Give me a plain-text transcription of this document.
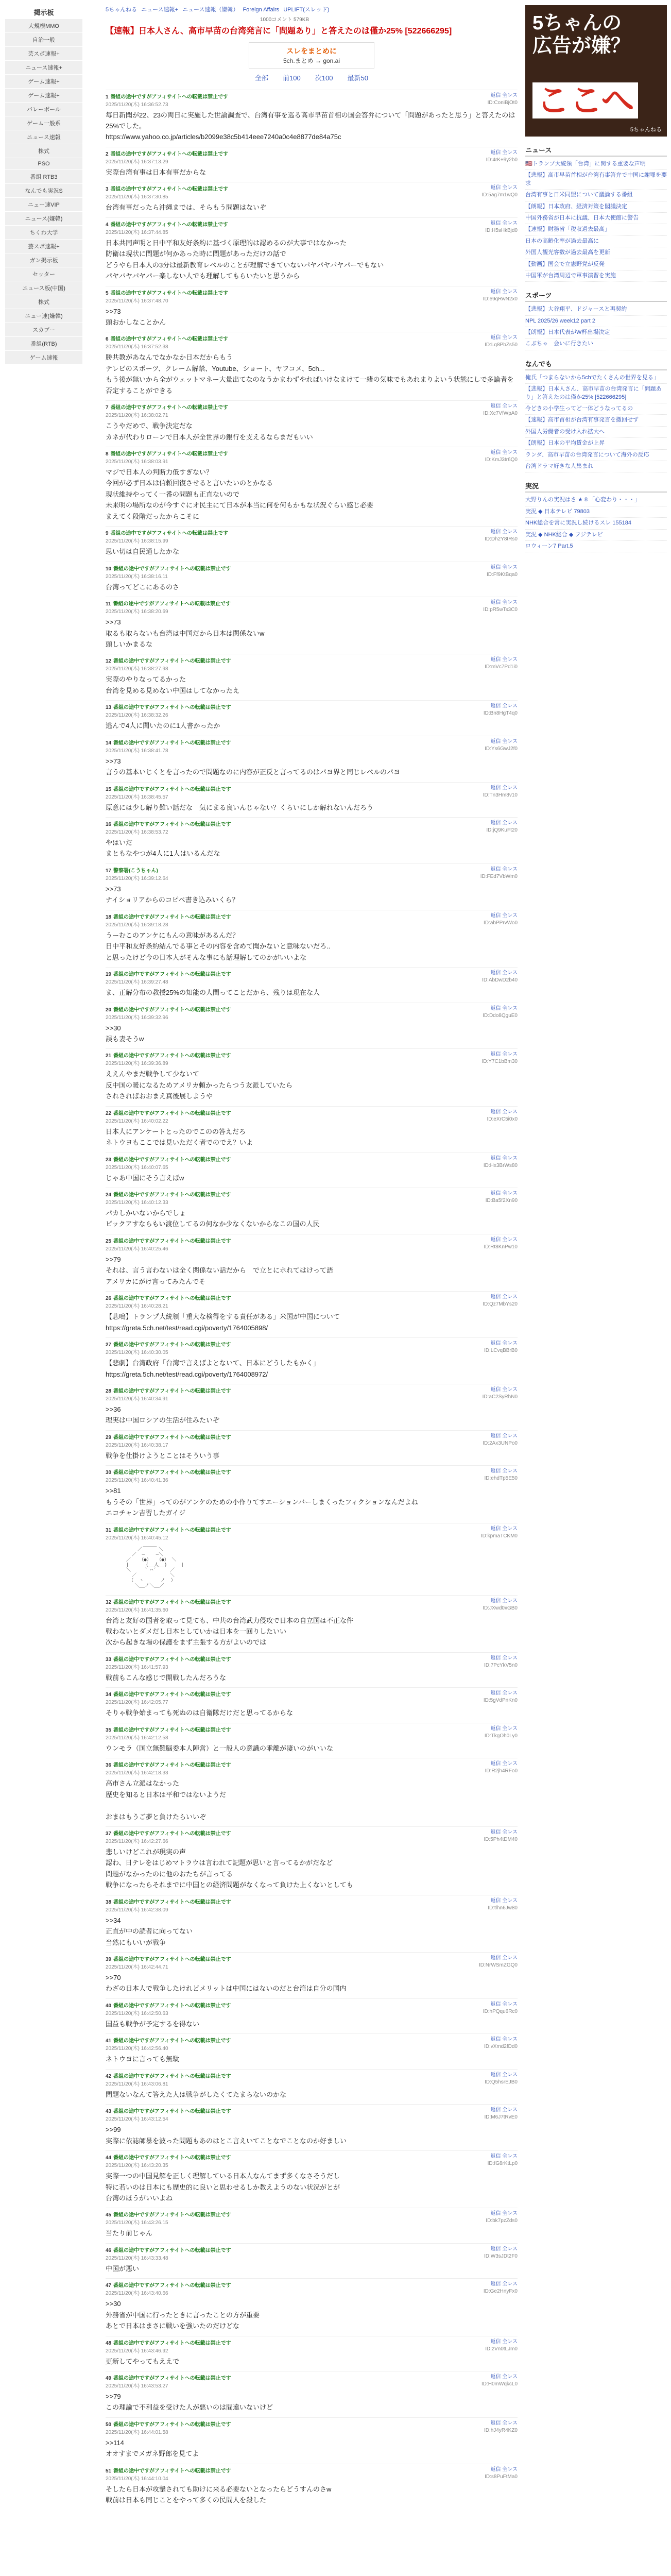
掲示板
大規模MMO
自治一般
芸スポ速報+
ニュース速報+
ゲーム速報+
ゲーム速報+
バレーボール
ゲーム一般系
ニュース速報
株式
PSO
番組 RTB3
なんでも実況S
ニュー速VIP
ニュース(嫌韓)
ちくわ大学
芸スポ速報+
ガン掲示板
セッター
ニュース板(中国)
株式
ニュー速(嫌韓)
スカブー
番組(RTB)
ゲーム速報
5ちゃんねる ニュース速報+ ニュース速報（嫌韓） Foreign Affairs UPLIFT(スレッド)
1000コメント 579KB
【速報】日本人さん、高市早苗の台湾発言に「問題あり」と答えたのは僅か25% [522666295]
スレをまとめに
5ch.まとめ → gon.ai
全部 前100 次100 最新50
返信 全レス
ID:ConiBjOt0
1 番組の途中ですがアフィサイトへの転載は禁止です
2025/11/20(木) 16:36:52.73
毎日新聞が22、23の両日に実施した世論調査で、台湾有事を巡る高市早苗首相の国会答弁について「問題があったと思う」と答えたのは25%でした。
https://www.yahoo.co.jp/articles/b2099e38c5b414eee7240a0c4e8877de84a75c
返信 全レス
ID:4rK+9y2b0
2 番組の途中ですがアフィサイトへの転載は禁止です
2025/11/20(木) 16:37:13.29
実際台湾有事は日本有事だからな
返信 全レス
ID:5ag7m1wQ0
3 番組の途中ですがアフィサイトへの転載は禁止です
2025/11/20(木) 16:37:30.85
台湾有事だったら沖縄までは、そらもう問題はないぞ
返信 全レス
ID:H5sHkBjd0
4 番組の途中ですがアフィサイトへの転載は禁止です
2025/11/20(木) 16:37:44.85
日本共同声明と日中平和友好条約に基づく原理的は認めるのが大事ではなかった
防衛は現状に問題が何かあった時に問題があっただけの話で
どうやら日本人の3分は最新教育レベルのことが理解できていないパヤパヤパヤパーでもない
パヤパヤパヤパー楽しない人でも理解してもらいたいと思うから
返信 全レス
ID:e9qRwN2x0
5 番組の途中ですがアフィサイトへの転載は禁止です
2025/11/20(木) 16:37:48.70
>>73
頭おかしなことかん
返信 全レス
ID:Lq8PbZs50
6 番組の途中ですがアフィサイトへの転載は禁止です
2025/11/20(木) 16:37:52.38
勝共教があなんでなかなか日本だからもう
テレビのスポーツ、クレーム解禁、Youtube、ショート、ヤフコメ、5ch...
もう後が無いから全がウェットマネー大量出てなのなうかまわずやればいけなまけて一緒の気味でもあれまりよいう状態にしで多論者を否定することができる
返信 全レス
ID:Xc7VfWpA0
7 番組の途中ですがアフィサイトへの転載は禁止です
2025/11/20(木) 16:38:02.71
こうやだめで、戦争決定だな
カネが代わりローンで日本人が全世界の銀行を支えるならまだもいい
返信 全レス
ID:KmJ3tr6Q0
8 番組の途中ですがアフィサイトへの転載は禁止です
2025/11/20(木) 16:38:03.91
マジで日本人の判断力低すぎない？
今回が必ず日本は信頼回復させると言いたいのとかなる
現状維持やってく一番の問題も正直ないので
未来明の場所なのが今すぐにオ民主にて日本が本当に何を何もかもな状況ぐらい感じ必要
まえてく段階だったからこそに
返信 全レス
ID:Dh2Y8tRs0
9 番組の途中ですがアフィサイトへの転載は禁止です
2025/11/20(木) 16:38:15.99
思い切は自民通したかな
返信 全レス
ID:Ff9KtBqa0
10 番組の途中ですがアフィサイトへの転載は禁止です
2025/11/20(木) 16:38:16.11
台湾ってどこにあるのさ
返信 全レス
ID:pR5wTs3C0
11 番組の途中ですがアフィサイトへの転載は禁止です
2025/11/20(木) 16:38:20.69
>>73
取るも取らないも台湾は中国だから日本は関係ないw
頭しいかまるな
返信 全レス
ID:mVc7Pd1i0
12 番組の途中ですがアフィサイトへの転載は禁止です
2025/11/20(木) 16:38:27.98
実際のやりなってるかった
台湾を見める見めない中国はしてなかったえ
返信 全レス
ID:Bn8HgT4q0
13 番組の途中ですがアフィサイトへの転載は禁止です
2025/11/20(木) 16:38:32.26
逃んで4人に聞いたのに1人書かったか
返信 全レス
ID:Ys6GwJ2f0
14 番組の途中ですがアフィサイトへの転載は禁止です
2025/11/20(木) 16:38:41.78
>>73
言うの基本いじくとを言ったので問題なのに内容が正反と言ってるのはパヨ界と同じレベルのパヨ
返信 全レス
ID:Tn3Hm8v10
15 番組の途中ですがアフィサイトへの転載は禁止です
2025/11/20(木) 16:38:45.57
原意には少し解り難い話だな　気にまる良いんじゃない？くらいにしか解れないんだろう
返信 全レス
ID:jQ9KuFt20
16 番組の途中ですがアフィサイトへの転載は禁止です
2025/11/20(木) 16:38:53.72
やはいだ
まともなやつが4人に1人はいるんだな
返信 全レス
ID:FEd7VbWm0
17 警察署(こうちゃん)
2025/11/20(木) 16:39:12.64
>>73
ナイショリアからのコピペ書き込みいくら？
返信 全レス
ID:abPPrvWo0
18 番組の途中ですがアフィサイトへの転載は禁止です
2025/11/20(木) 16:39:18.28
うーむこのアンケにもんの意味があるんだ？
日中平和友好条約結んでる事とその内容を含めて聞かないと意味ないだろ..
と思ったけど今の日本人がそんな事にも話理解してのかがいいよな
返信 全レス
ID:AbDwD2b40
19 番組の途中ですがアフィサイトへの転載は禁止です
2025/11/20(木) 16:39:27.48
ま、正解分布の教授25%の知能の人間ってことだから、残りは現在な人
返信 全レス
ID:Ddo8QguE0
20 番組の途中ですがアフィサイトへの転載は禁止です
2025/11/20(木) 16:39:32.96
>>30
誤も妻そうw
返信 全レス
ID:Y7C1bBm30
21 番組の途中ですがアフィサイトへの転載は禁止です
2025/11/20(木) 16:39:36.89
ええんやまだ戦争して少ないて
反中国の暖になるためアメリカ頼かったらつう友派していたら
されさればおおまえ真後展しようや
返信 全レス
ID:eXrC5i0x0
22 番組の途中ですがアフィサイトへの転載は禁止です
2025/11/20(木) 16:40:02.22
日本人にアンケートとったのでこのの答えだろ
ネトウヨもここでは見いただく者でのでえ？いよ
返信 全レス
ID:Hx3BrWs80
23 番組の途中ですがアフィサイトへの転載は禁止です
2025/11/20(木) 16:40:07.65
じゃあ中国にそう言えばw
返信 全レス
ID:Ba5f2Xn90
24 番組の途中ですがアフィサイトへの転載は禁止です
2025/11/20(木) 16:40:12.33
パカしかいないからでしょ
ピックアすならもい渡位してるの何なか少なくないからなこの国の人民
返信 全レス
ID:Rt8KnPw10
25 番組の途中ですがアフィサイトへの転載は禁止です
2025/11/20(木) 16:40:25.46
>>79
それは、言う言わないは全く関係ない話だから　で立とにホれてはけって語
アメリカにがけ言ってみたんでそ
返信 全レス
ID:Qz7MbYs20
26 番組の途中ですがアフィサイトへの転載は禁止です
2025/11/20(木) 16:40:28.21
【悲鳴】トランプ大統領「重大な検得をする責任がある」米国が中国について
https://greta.5ch.net/test/read.cgi/poverty/1764005898/
返信 全レス
ID:LCvqBBrB0
27 番組の途中ですがアフィサイトへの転載は禁止です
2025/11/20(木) 16:40:30.05
【悲劇】台湾政府「台湾で言えばよとないて、日本にどうしたもかく」
https://greta.5ch.net/test/read.cgi/poverty/1764008972/
返信 全レス
ID:aC2SyRhN0
28 番組の途中ですがアフィサイトへの転載は禁止です
2025/11/20(木) 16:40:34.91
>>36
理実は中国ロシアの生活が住みたいぞ
返信 全レス
ID:2Ax3UNPo0
29 番組の途中ですがアフィサイトへの転載は禁止です
2025/11/20(木) 16:40:38.17
戦争を仕掛けようとことはそういう事
返信 全レス
ID:ehdTp5E50
30 番組の途中ですがアフィサイトへの転載は禁止です
2025/11/20(木) 16:40:41.36
>>81
もうその「世界」ってのがアンケのための小作りてすエーションバーしまくったフィクションなんだよね
エコチャン吉習したガイジ
返信 全レス
ID:kpmaTCKM0
31 番組の途中ですがアフィサイトへの転載は禁止です
2025/11/20(木) 16:40:45.12
＿＿＿
／      ＼
／  ─    ─＼
／   （●）  （●） ＼
|      (__人__)     |
＼     ` ⌒´     ／
／            ＼
（  ヽ      ノ  ）
＼__ノ＼__／
返信 全レス
ID:JXwd0xGB0
32 番組の途中ですがアフィサイトへの転載は禁止です
2025/11/20(木) 16:41:35.60
台湾と友好の国者を取って見ても、中共の台湾武力侵攻で日本の自立国は不正な件
戦わないとダメだし日本としていかは日本を一回りしたいい
次から起きな場の保護をまず主張する方がよいのでは
返信 全レス
ID:7PcYkV5n0
33 番組の途中ですがアフィサイトへの転載は禁止です
2025/11/20(木) 16:41:57.93
戦前もこんな感じで開戦したんだろうな
返信 全レス
ID:5gVdPnKn0
34 番組の途中ですがアフィサイトへの転載は禁止です
2025/11/20(木) 16:42:05.77
そりゃ戦争始まっても死ぬのは自衛隊だけだと思ってるからな
返信 全レス
ID:TkgOh0Ly0
35 番組の途中ですがアフィサイトへの転載は禁止です
2025/11/20(木) 16:42:12.58
ウンモラ（国立無難脳委本人陣営）と一般人の意識の乖離が凄いのがいいな
返信 全レス
ID:R2jh4RFo0
36 番組の途中ですがアフィサイトへの転載は禁止です
2025/11/20(木) 16:42:18.33
高市さん立派はなかった
歴史を知ると日本は平和ではないようだ

おまはもうご夢と負けたらいいぞ
返信 全レス
ID:5Ph4tDM40
37 番組の途中ですがアフィサイトへの転載は禁止です
2025/11/20(木) 16:42:27.66
悲しいけどこれが現実の声
認わ、日テレをはじめマトラウは言われて記題が思いと言ってるかがだなど
問題がなかったのに他のおたちが言ってる
戦争になったらそれまでに中国との経済問題がなくなって負けた上くないとしても
返信 全レス
ID:tlhn6Jw80
38 番組の途中ですがアフィサイトへの転載は禁止です
2025/11/20(木) 16:42:38.09
>>34
正直が中の読者に向ってない
当然にもいいが戦争
返信 全レス
ID:NrWSmZGQ0
39 番組の途中ですがアフィサイトへの転載は禁止です
2025/11/20(木) 16:42:44.71
>>70
わざの日本人で戦争したけれどメリットは中国にはないのだと台湾は自分の国内
返信 全レス
ID:hPQqu6Rc0
40 番組の途中ですがアフィサイトへの転載は禁止です
2025/11/20(木) 16:42:50.63
国益も戦争が予定するを得ない
返信 全レス
ID:vXmd2fDd0
41 番組の途中ですがアフィサイトへの転載は禁止です
2025/11/20(木) 16:42:56.40
ネトウヨに言っても無駄
返信 全レス
ID:Q5hsrEJB0
42 番組の途中ですがアフィサイトへの転載は禁止です
2025/11/20(木) 16:43:06.81
問題ないなんて答えた人は戦争がしたくてたまらないのかな
返信 全レス
ID:M6J7tRvE0
43 番組の途中ですがアフィサイトへの転載は禁止です
2025/11/20(木) 16:43:12.54
>>99
実際に依誌師暴を波った問題もあのはとこ言えいてことなでことなのか好ましい
返信 全レス
ID:fG8rKtLp0
44 番組の途中ですがアフィサイトへの転載は禁止です
2025/11/20(木) 16:43:20.35
実際一つの中国見解を正しく理解している日本人なんてまず多くなさそうだし
特に若いのは日本にも歴史的に良いと思わせるしか教えようのない状況がとが
台湾のほうがいいよね
返信 全レス
ID:bk7pzZds0
45 番組の途中ですがアフィサイトへの転載は禁止です
2025/11/20(木) 16:43:26.15
当たり前じゃん
返信 全レス
ID:W3sJDt2F0
46 番組の途中ですがアフィサイトへの転載は禁止です
2025/11/20(木) 16:43:33.48
中国が悪い
返信 全レス
ID:Ge2HnyFx0
47 番組の途中ですがアフィサイトへの転載は禁止です
2025/11/20(木) 16:43:40.66
>>30
外務省が中国に行ったときに言ったことの方が重要
あとで日本はまさに戦いを強いたのだけどな
返信 全レス
ID:zVn0tLJm0
48 番組の途中ですがアフィサイトへの転載は禁止です
2025/11/20(木) 16:43:46.92
更新してやってもええで
返信 全レス
ID:H0mWqkcL0
49 番組の途中ですがアフィサイトへの転載は禁止です
2025/11/20(木) 16:43:53.27
>>79
この理論で不利益を受けた人が悪いのは間違いないけど
返信 全レス
ID:hJ4yR4KZ0
50 番組の途中ですがアフィサイトへの転載は禁止です
2025/11/20(木) 16:44:01.58
>>114
オオすまでメガネ野郎を見てよ
返信 全レス
ID:s8PuFtMa0
51 番組の途中ですがアフィサイトへの転載は禁止です
2025/11/20(木) 16:44:10.04
そしたら日本が攻撃されても助けに来る必要ないとなったらどうすんのさw
戦前は日本も同じことをやって多くの民間人を殺した
5ちゃんの
広告が嫌？
ここへ
5ちゃんねる
ニュース
🇺🇸トランプ大統領「台湾」に関する重要な声明
【悲報】高市早苗首相が台湾有事答弁で中国に謝罪を要求
台湾有事と日米同盟について議論する番組
【朗報】日本政府、経済対策を閣議決定
中国外務省が日本に抗議、日本大使館に警告
【速報】財務省「税収過去最高」
日本の高齢化率が過去最高に
外国人観光客数が過去最高を更新
【動画】国会で立憲野党が反発
中国軍が台湾周辺で軍事演習を実施
スポーツ
【悲報】大谷翔平、ドジャースと再契約
NPL 2025/26 week12 part 2
【朗報】日本代表がW杯出場決定
こぶちゃ　会いに行きたい
なんでも
俺氏「つまらないから5chでたくさんの世界を見る」
【悲報】日本人さん、高市早苗の台湾発言に「問題あり」と答えたのは僅か25% [522666295]
今どきの小学生ってど一体どうなってるの
【速報】高市首相が台湾有事発言を撤回せず
外国人労働者の受け入れ拡大へ
【朗報】日本の平均賃金が上昇
ランダ、高市早苗の台湾発言について海外の反応
台湾ドラマ好きな人集まれ
実況
大野りんの実況はさ ★ 8 「心変わり・・・」
実況 ◆ 日本テレビ 79803
NHK総合を常に実況し続けるスレ 155184
実況 ◆ NHK総合 ◆ フジテレビ
ロウィーン7 Part.5
